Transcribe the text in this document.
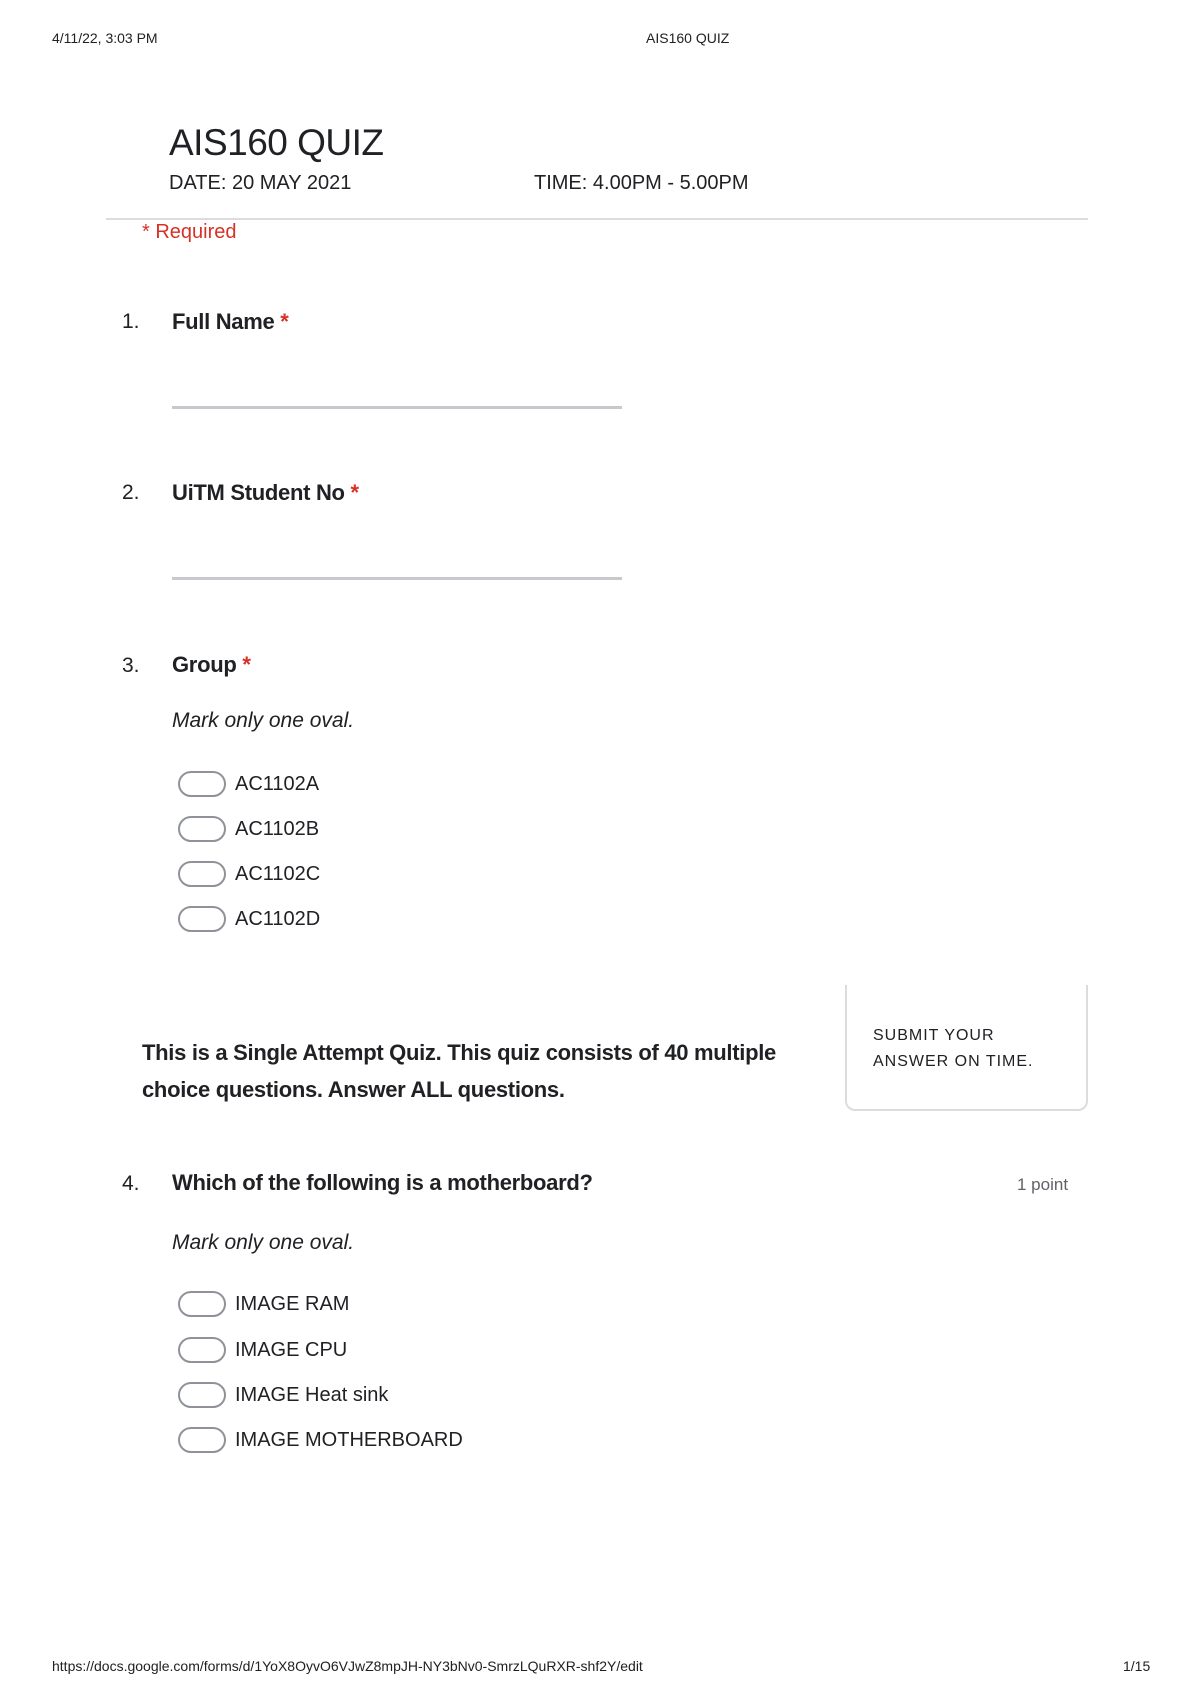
4/11/22, 3:03 PM	AIS160 QUIZ
AIS160 QUIZ
DATE: 20 MAY 2021	TIME: 4.00PM - 5.00PM
* Required
1. Full Name *
2. UiTM Student No *
3. Group *
Mark only one oval.
AC1102A
AC1102B
AC1102C
AC1102D
This is a Single Attempt Quiz. This quiz consists of 40 multiple choice questions. Answer ALL questions.
SUBMIT YOUR
ANSWER ON TIME.
4. Which of the following is a motherboard?	1 point
Mark only one oval.
IMAGE RAM
IMAGE CPU
IMAGE Heat sink
IMAGE MOTHERBOARD
https://docs.google.com/forms/d/1YoX8OyvO6VJwZ8mpJH-NY3bNv0-SmrzLQuRXR-shf2Y/edit	1/15
